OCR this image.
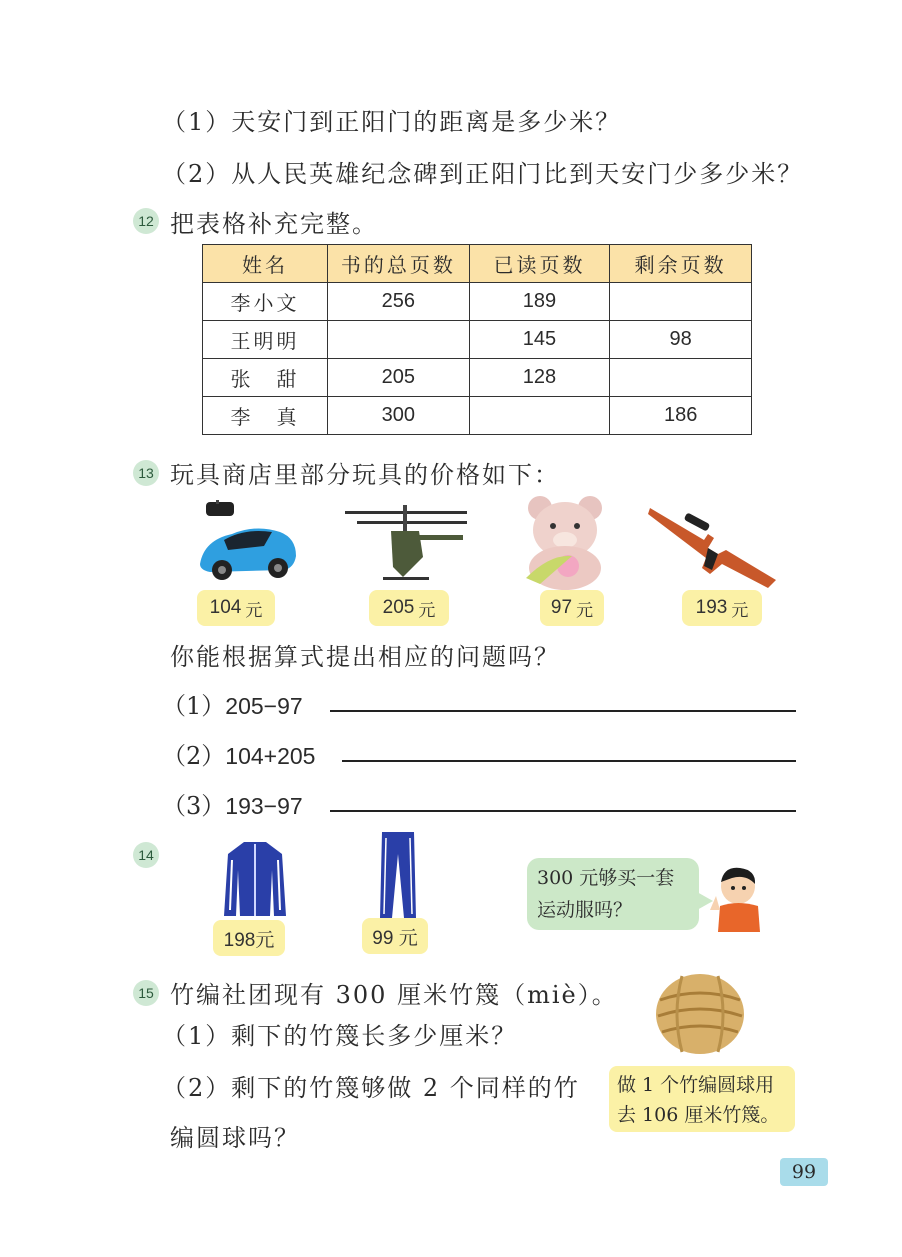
（1）天安门到正阳门的距离是多少米？
（2）从人民英雄纪念碑到正阳门比到天安门少多少米？
12 把表格补充完整。
姓名	书的总页数	已读页数	剩余页数
李小文	256	189	
王明明		145	98
张　甜	205	128	
李　真	300		186
13 玩具商店里部分玩具的价格如下：
104 元	205 元	97 元	193 元
你能根据算式提出相应的问题吗？
（1）205−97
（2）104+205
（3）193−97
14
198元	99 元
300 元够买一套
运动服吗？
15 竹编社团现有 300 厘米竹篾（miè）。
（1）剩下的竹篾长多少厘米？
（2）剩下的竹篾够做 2 个同样的竹
编圆球吗？
做 1 个竹编圆球用
去 106 厘米竹篾。
99
